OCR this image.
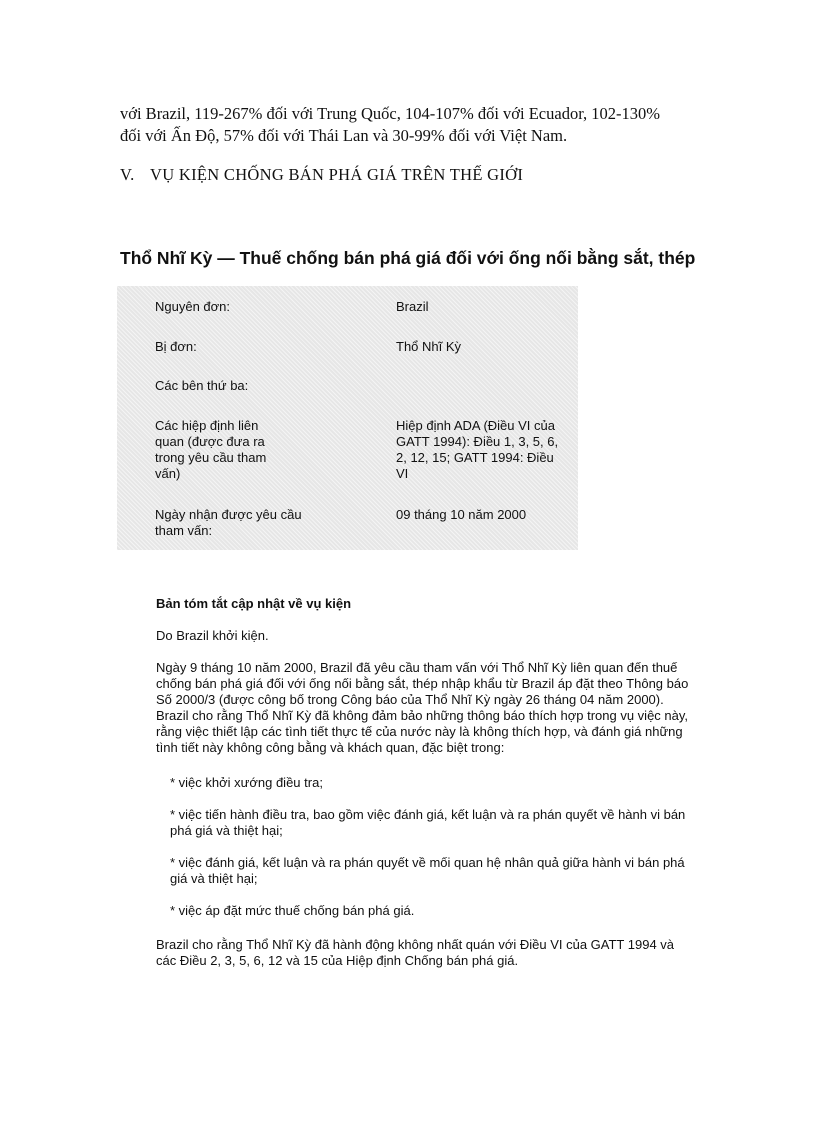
với Brazil, 119-267% đối với Trung Quốc, 104-107% đối với Ecuador, 102-130%
đối với Ấn Độ, 57% đối với Thái Lan và 30-99% đối với Việt Nam.

V. VỤ KIỆN CHỐNG BÁN PHÁ GIÁ TRÊN THẾ GIỚI
Thổ Nhĩ Kỳ — Thuế chống bán phá giá đối với ống nối bằng sắt, thép
Nguyên đơn:	Brazil
Bị đơn:	Thổ Nhĩ Kỳ
Các bên thứ ba:
Các hiệp định liên quan (được đưa ra trong yêu cầu tham vấn)
Hiệp định ADA (Điều VI của GATT 1994): Điều 1, 3, 5, 6, 2, 12, 15; GATT 1994: Điều VI
Ngày nhận được yêu cầu tham vấn:
09 tháng 10 năm 2000

Bản tóm tắt cập nhật về vụ kiện

Do Brazil khởi kiện.

Ngày 9 tháng 10 năm 2000, Brazil đã yêu cầu tham vấn với Thổ Nhĩ Kỳ liên quan đến thuế chống bán phá giá đối với ống nối bằng sắt, thép nhập khẩu từ Brazil áp đặt theo Thông báo Số 2000/3 (được công bố trong Công báo của Thổ Nhĩ Kỳ ngày 26 tháng 04 năm 2000). Brazil cho rằng Thổ Nhĩ Kỳ đã không đảm bảo những thông báo thích hợp trong vụ việc này, rằng việc thiết lập các tình tiết thực tế của nước này là không thích hợp, và đánh giá những tình tiết này không công bằng và khách quan, đặc biệt trong:

* việc khởi xướng điều tra;

* việc tiến hành điều tra, bao gồm việc đánh giá, kết luận và ra phán quyết về hành vi bán phá giá và thiệt hại;

* việc đánh giá, kết luận và ra phán quyết về mối quan hệ nhân quả giữa hành vi bán phá giá và thiệt hại;

* việc áp đặt mức thuế chống bán phá giá.

Brazil cho rằng Thổ Nhĩ Kỳ đã hành động không nhất quán với Điều VI của GATT 1994 và các Điều 2, 3, 5, 6, 12 và 15 của Hiệp định Chống bán phá giá.
